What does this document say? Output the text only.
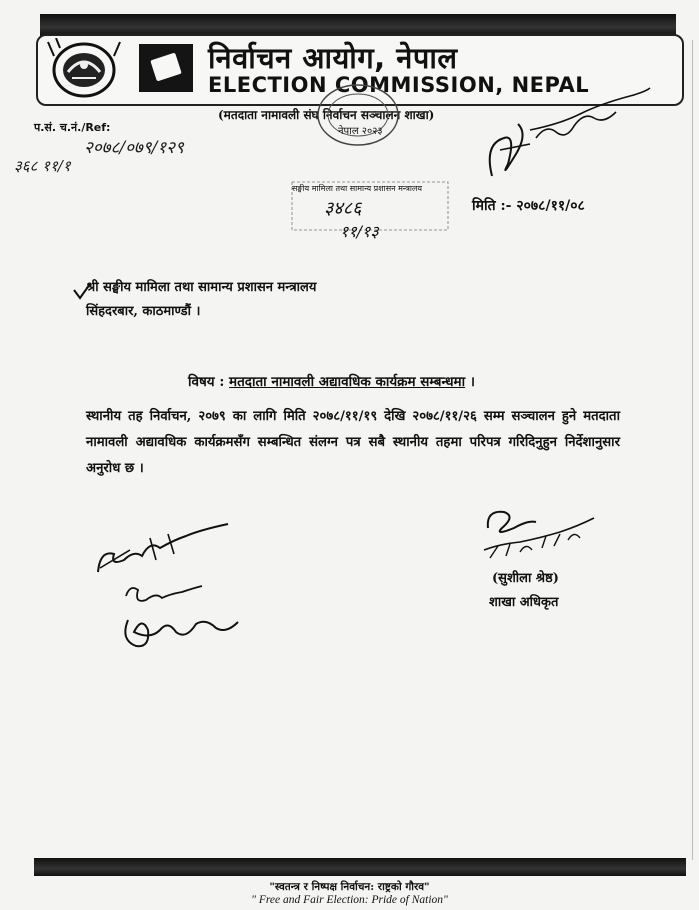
निर्वाचन आयोग, नेपाल
ELECTION COMMISSION, NEPAL
(मतदाता नामावली संघ निर्वाचन सञ्चालन शाखा)
नेपाल २०२३
प.सं. च.नं./Ref:
२०७८/०७९/१२९
३६८ ११/१
सङ्घीय मामिला तथा सामान्य प्रशासन मन्त्रालय
३४८६
११/१३
मिति :- २०७८/११/०८
श्री सङ्घीय मामिला तथा सामान्य प्रशासन मन्त्रालय
सिंहदरबार, काठमाण्डौं ।
विषय : मतदाता नामावली अद्यावधिक कार्यक्रम सम्बन्धमा ।
स्थानीय तह निर्वाचन, २०७९ का लागि मिति २०७८/११/१९ देखि २०७८/११/२६ सम्म सञ्चालन हुने मतदाता नामावली अद्यावधिक कार्यक्रमसँग सम्बन्धित संलग्न पत्र सबै स्थानीय तहमा परिपत्र गरिदिनुहुन निर्देशानुसार अनुरोध छ ।
(सुशीला श्रेष्ठ)
शाखा अधिकृत
"स्वतन्त्र र निष्पक्ष निर्वाचन: राष्ट्रको गौरव"
" Free and Fair Election: Pride of Nation"
